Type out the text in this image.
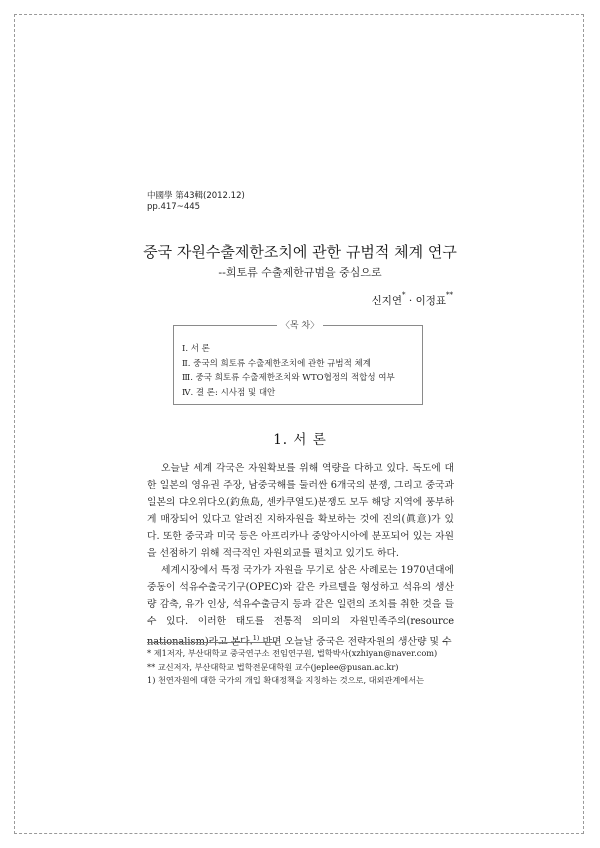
中國學 第43輯(2012.12)
pp.417~445
중국 자원수출제한조치에 관한 규범적 체계 연구
--희토류 수출제한규범을 중심으로
신지연* · 이정표**
〈목 차〉
Ⅰ. 서 론
Ⅱ. 중국의 희토류 수출제한조치에 관한 규범적 체계
Ⅲ. 중국 희토류 수출제한조치와 WTO협정의 적합성 여부
Ⅳ. 결 론: 시사점 및 대안
1. 서 론

오늘날 세계 각국은 자원확보를 위해 역량을 다하고 있다. 독도에 대한 일본의 영유권 주장, 남중국해를 둘러싼 6개국의 분쟁, 그리고 중국과 일본의 댜오위다오(釣魚島, 센카쿠열도)분쟁도 모두 해당 지역에 풍부하게 매장되어 있다고 알려진 지하자원을 확보하는 것에 진의(眞意)가 있다. 또한 중국과 미국 등은 아프리카나 중앙아시아에 분포되어 있는 자원을 선점하기 위해 적극적인 자원외교를 펼치고 있기도 하다.

세계시장에서 특정 국가가 자원을 무기로 삼은 사례로는 1970년대에 중동이 석유수출국기구(OPEC)와 같은 카르텔을 형성하고 석유의 생산량 감축, 유가 인상, 석유수출금지 등과 같은 일련의 조치를 취한 것을 들 수 있다. 이러한 태도를 전통적 의미의 자원민족주의(resource nationalism)라고 본다.$^{1)}$ 반면 오늘날 중국은 전략자원의 생산량 및 수

* 제1저자, 부산대학교 중국연구소 전임연구원, 법학박사(xzhiyan@naver.com)
** 교신저자, 부산대학교 법학전문대학원 교수(jeplee@pusan.ac.kr)
1) 천연자원에 대한 국가의 개입 확대정책을 지칭하는 것으로, 대외관계에서는
